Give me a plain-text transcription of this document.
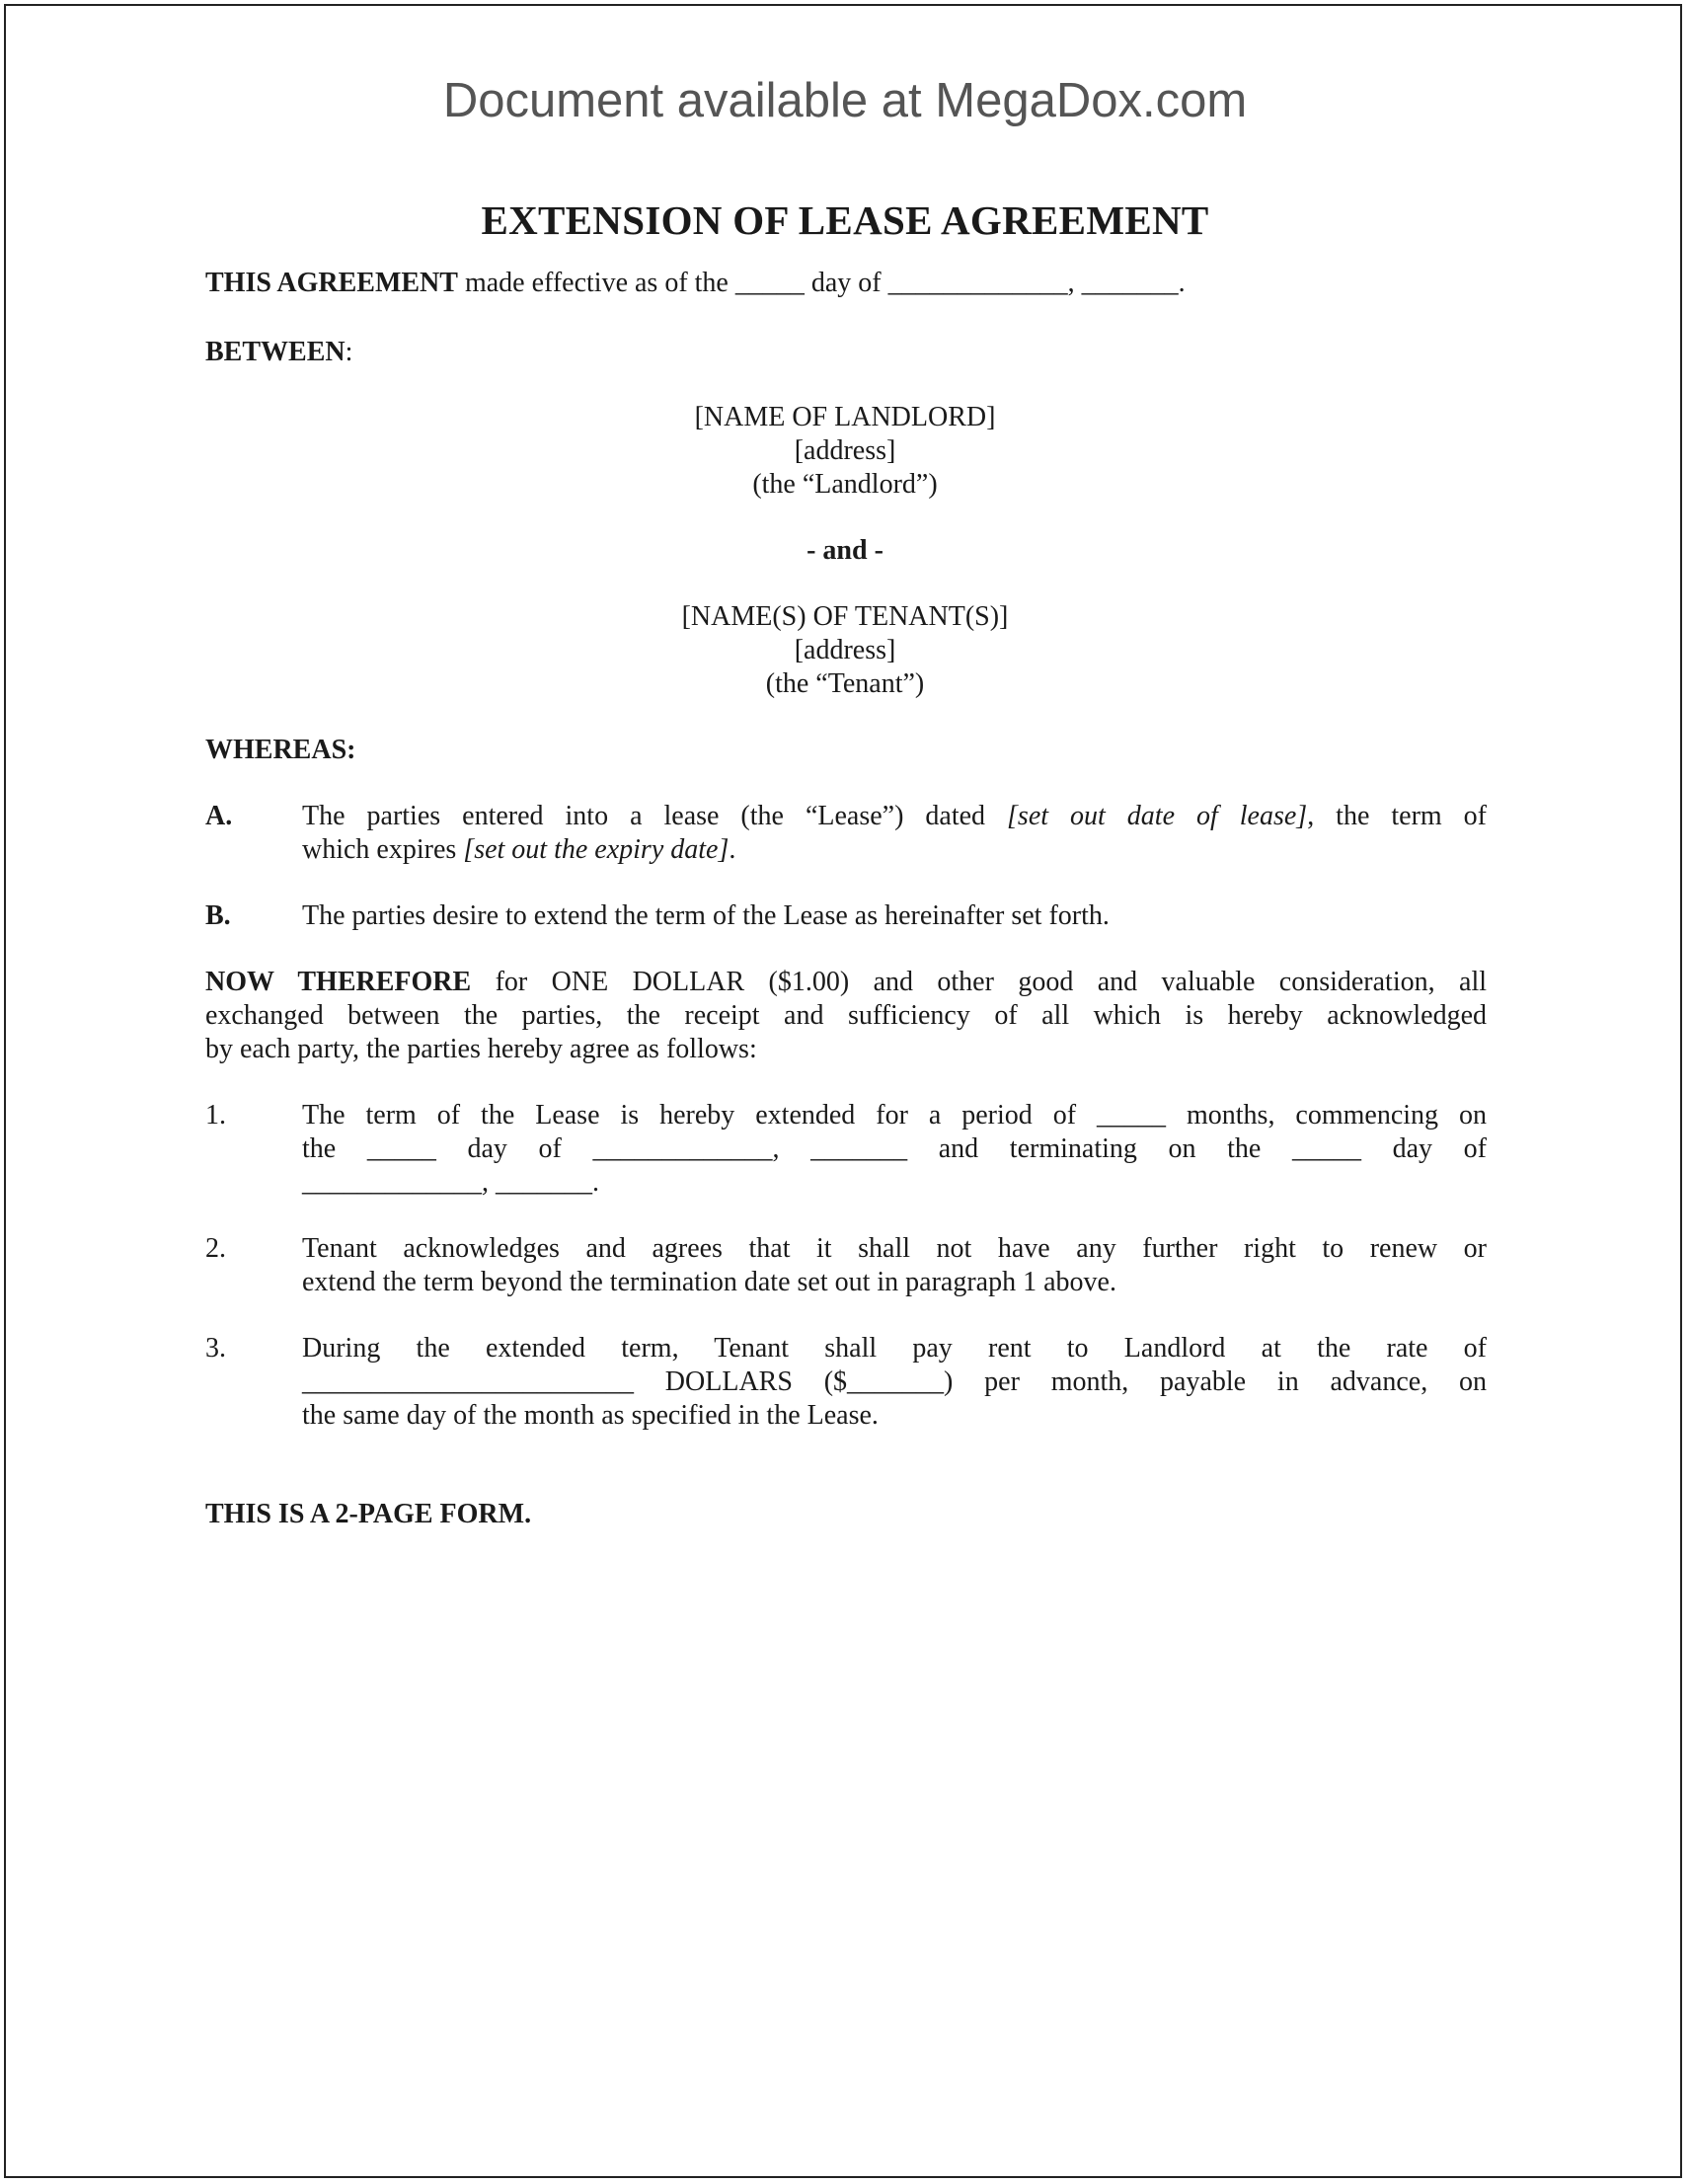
Document available at MegaDox.com
EXTENSION OF LEASE AGREEMENT
THIS AGREEMENT made effective as of the _____ day of _____________, _______.
BETWEEN:
[NAME OF LANDLORD]
[address]
(the “Landlord”)
- and -
[NAME(S) OF TENANT(S)]
[address]
(the “Tenant”)
WHEREAS:
A.	The parties entered into a lease (the “Lease”) dated [set out date of lease], the term of
which expires [set out the expiry date].
B.	The parties desire to extend the term of the Lease as hereinafter set forth.
NOW THEREFORE for ONE DOLLAR ($1.00) and other good and valuable consideration, all
exchanged between the parties, the receipt and sufficiency of all which is hereby acknowledged
by each party, the parties hereby agree as follows:
1.	The term of the Lease is hereby extended for a period of _____ months, commencing on
the _____ day of _____________, _______ and terminating on the _____ day of
_____________, _______.
2.	Tenant acknowledges and agrees that it shall not have any further right to renew or
extend the term beyond the termination date set out in paragraph 1 above.
3.	During the extended term, Tenant shall pay rent to Landlord at the rate of
________________________ DOLLARS ($_______) per month, payable in advance, on
the same day of the month as specified in the Lease.
THIS IS A 2-PAGE FORM.
